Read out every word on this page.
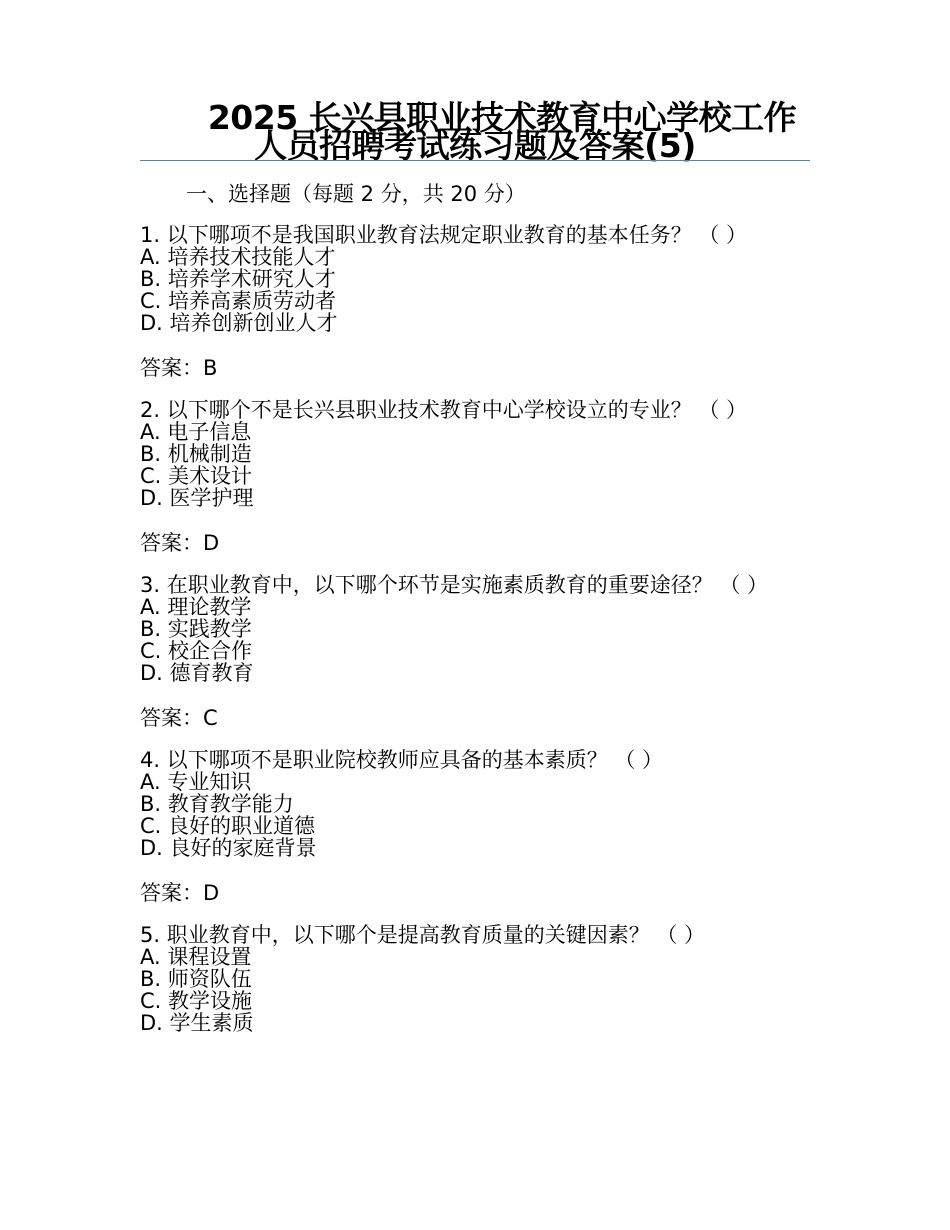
2025 长兴县职业技术教育中心学校工作
人员招聘考试练习题及答案(5)
一、选择题（每题 2 分，共 20 分）
1. 以下哪项不是我国职业教育法规定职业教育的基本任务？ （ ）
A. 培养技术技能人才
B. 培养学术研究人才
C. 培养高素质劳动者
D. 培养创新创业人才
答案：B
2. 以下哪个不是长兴县职业技术教育中心学校设立的专业？ （ ）
A. 电子信息
B. 机械制造
C. 美术设计
D. 医学护理
答案：D
3. 在职业教育中，以下哪个环节是实施素质教育的重要途径？ （ ）
A. 理论教学
B. 实践教学
C. 校企合作
D. 德育教育
答案：C
4. 以下哪项不是职业院校教师应具备的基本素质？ （ ）
A. 专业知识
B. 教育教学能力
C. 良好的职业道德
D. 良好的家庭背景
答案：D
5. 职业教育中，以下哪个是提高教育质量的关键因素？ （ ）
A. 课程设置
B. 师资队伍
C. 教学设施
D. 学生素质
